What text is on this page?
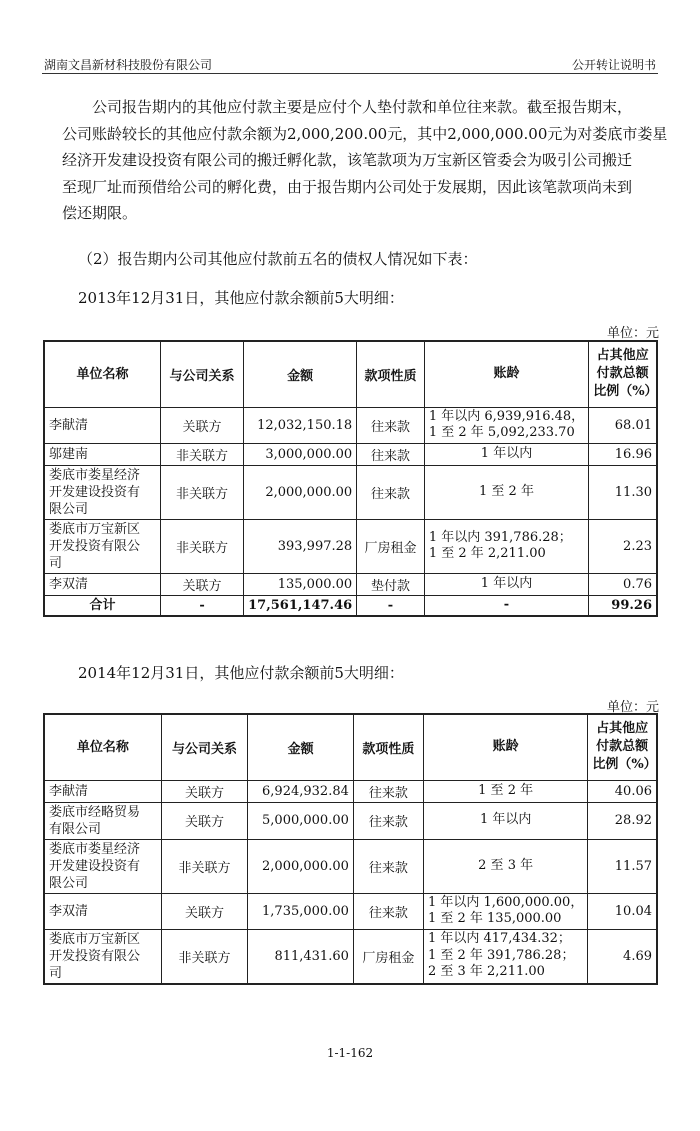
湖南文昌新材科技股份有限公司	公开转让说明书
公司报告期内的其他应付款主要是应付个人垫付款和单位往来款。截至报告期末，
公司账龄较长的其他应付款余额为2,000,200.00元，其中2,000,000.00元为对娄底市娄星
经济开发建设投资有限公司的搬迁孵化款，该笔款项为万宝新区管委会为吸引公司搬迁
至现厂址而预借给公司的孵化费，由于报告期内公司处于发展期，因此该笔款项尚未到
偿还期限。
（2）报告期内公司其他应付款前五名的债权人情况如下表：
2013年12月31日，其他应付款余额前5大明细：
单位：元
单位名称	与公司关系	金额	款项性质	账龄	占其他应
付款总额
比例（%）

李献清	关联方	12,032,150.18	往来款	1 年以内 6,939,916.48，
1 至 2 年 5,092,233.70	68.01

邬建南	非关联方	3,000,000.00	往来款	1 年以内	16.96

娄底市娄星经济
开发建设投资有
限公司	非关联方	2,000,000.00	往来款	1 至 2 年	11.30

娄底市万宝新区
开发投资有限公
司	非关联方	393,997.28	厂房租金	1 年以内 391,786.28；
1 至 2 年 2,211.00	2.23

李双清	关联方	135,000.00	垫付款	1 年以内	0.76
合计	-	17,561,147.46	-	-	99.26
2014年12月31日，其他应付款余额前5大明细：
单位：元
单位名称	与公司关系	金额	款项性质	账龄	占其他应
付款总额
比例（%）

李献清	关联方	6,924,932.84	往来款	1 至 2 年	40.06

娄底市经略贸易
有限公司	关联方	5,000,000.00	往来款	1 年以内	28.92

娄底市娄星经济
开发建设投资有
限公司	非关联方	2,000,000.00	往来款	2 至 3 年	11.57

李双清	关联方	1,735,000.00	往来款	1 年以内 1,600,000.00，
1 至 2 年 135,000.00	10.04

娄底市万宝新区
开发投资有限公
司	非关联方	811,431.60	厂房租金	1 年以内 417,434.32；
1 至 2 年 391,786.28；
2 至 3 年 2,211.00	4.69
1-1-162
